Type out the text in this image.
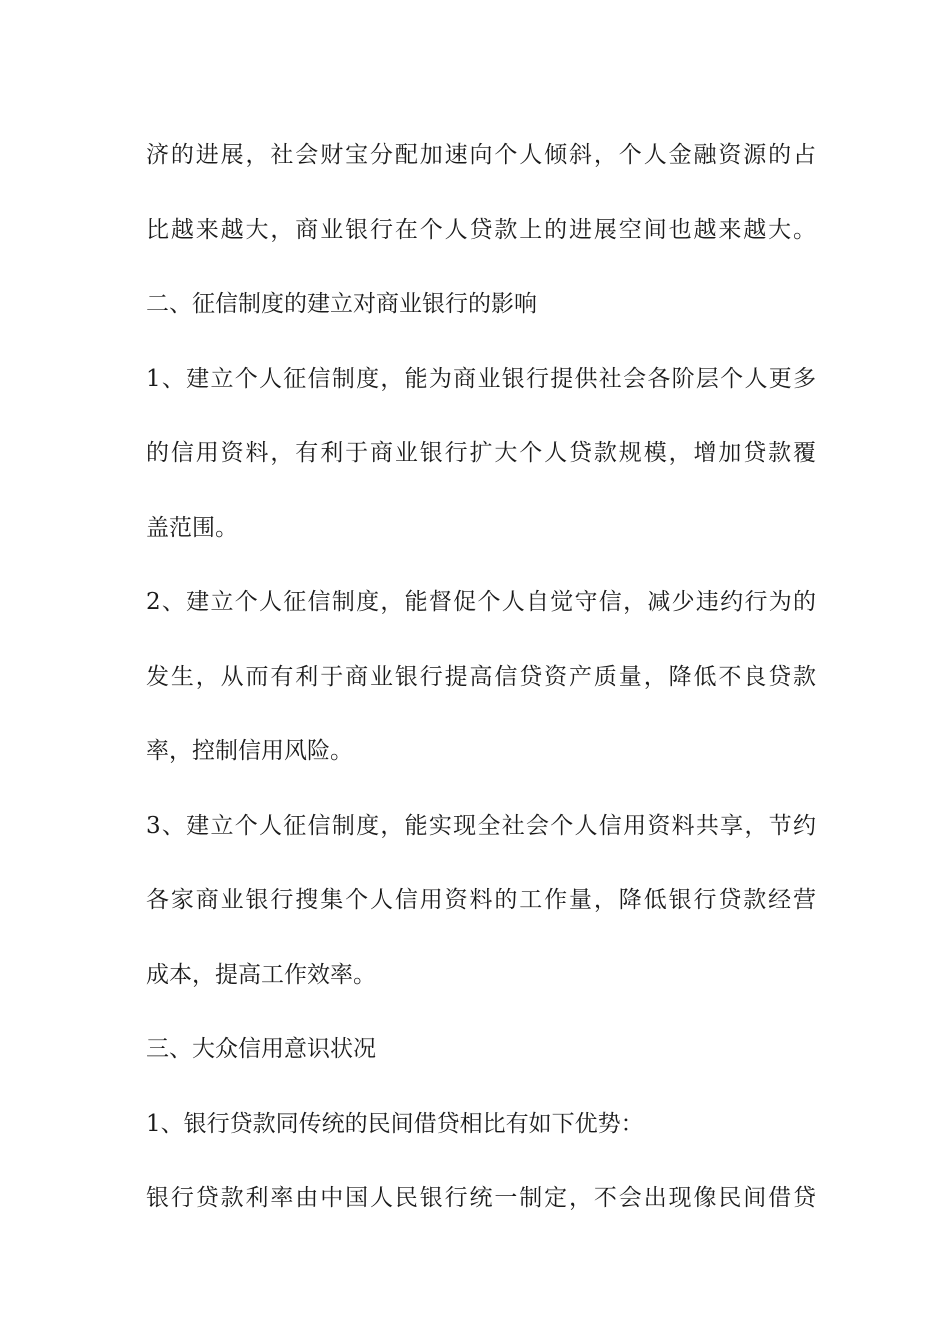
济的进展，社会财宝分配加速向个人倾斜，个人金融资源的占
比越来越大，商业银行在个人贷款上的进展空间也越来越大。
二、征信制度的建立对商业银行的影响
1、建立个人征信制度，能为商业银行提供社会各阶层个人更多
的信用资料，有利于商业银行扩大个人贷款规模，增加贷款覆
盖范围。
2、建立个人征信制度，能督促个人自觉守信，减少违约行为的
发生，从而有利于商业银行提高信贷资产质量，降低不良贷款
率，控制信用风险。
3、建立个人征信制度，能实现全社会个人信用资料共享，节约
各家商业银行搜集个人信用资料的工作量，降低银行贷款经营
成本，提高工作效率。
三、大众信用意识状况
1、银行贷款同传统的民间借贷相比有如下优势：
银行贷款利率由中国人民银行统一制定，不会出现像民间借贷
